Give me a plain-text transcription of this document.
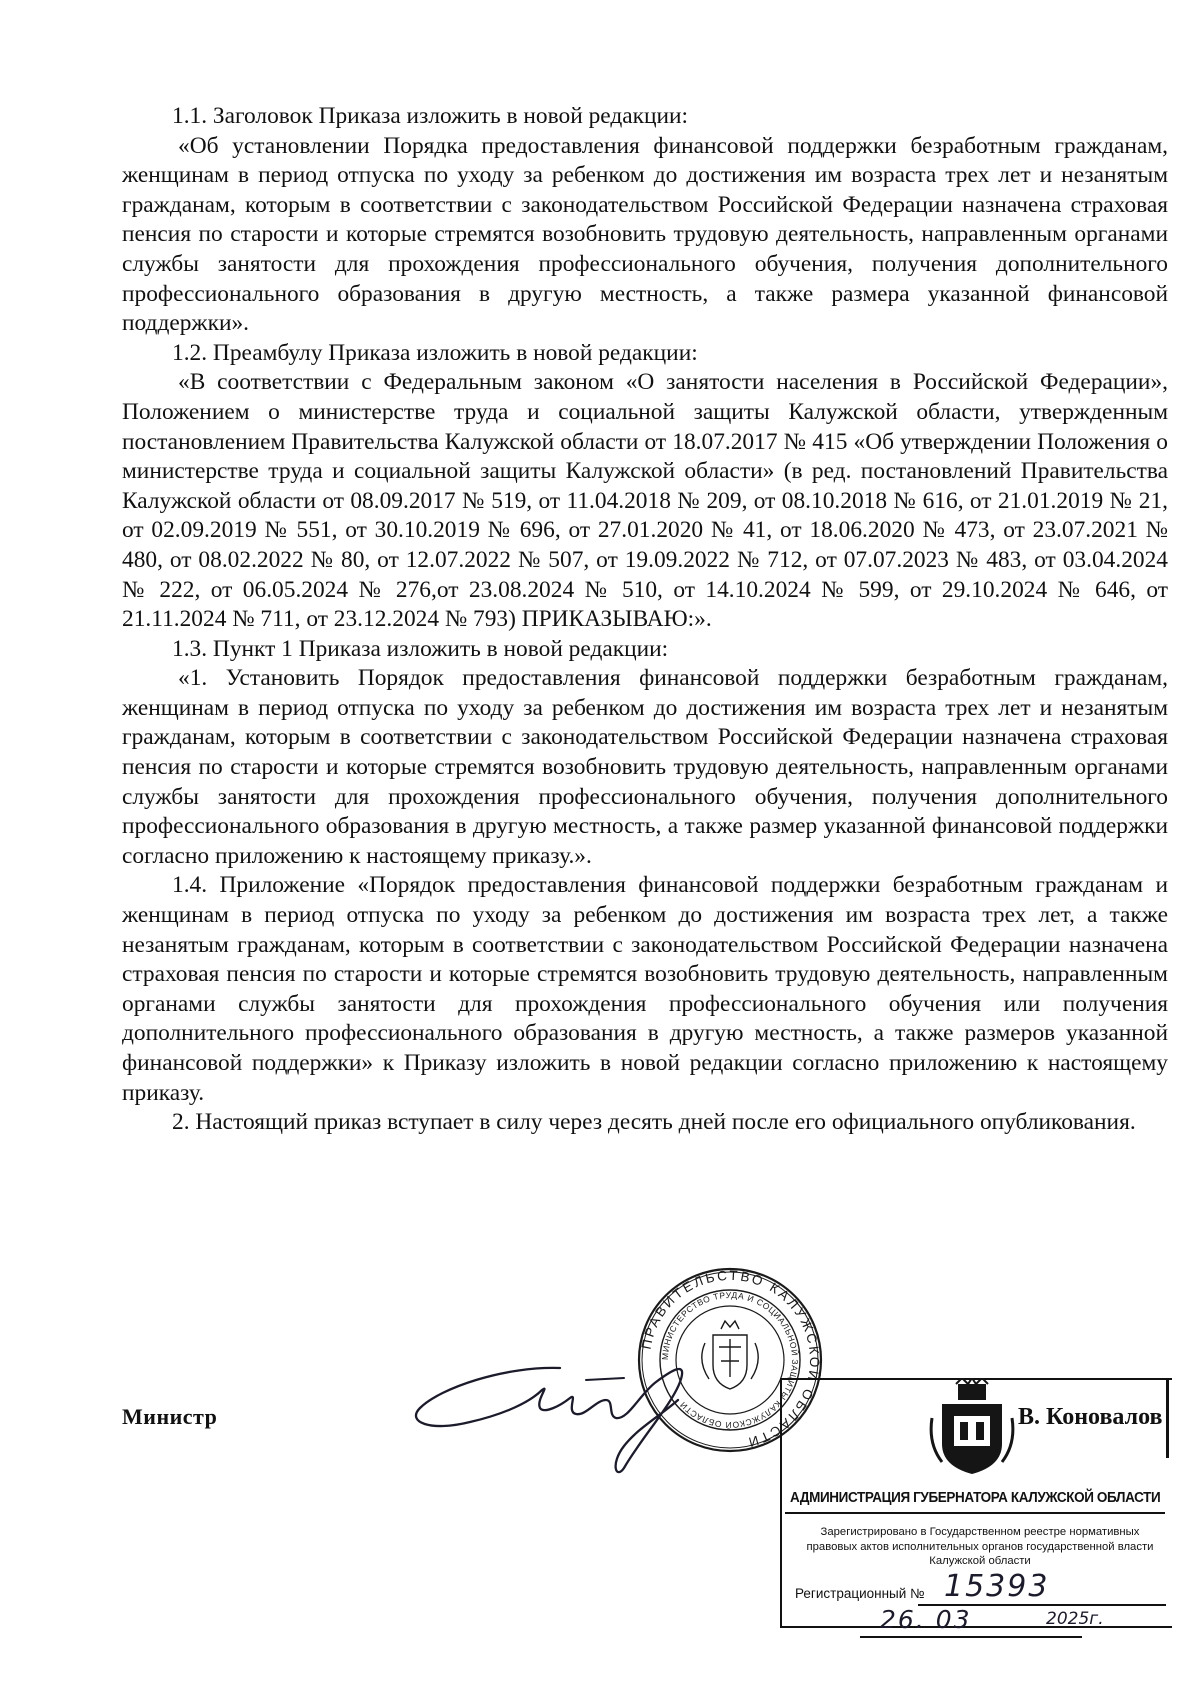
1.1. Заголовок Приказа изложить в новой редакции:

«Об установлении Порядка предоставления финансовой поддержки безработным гражданам, женщинам в период отпуска по уходу за ребенком до достижения им возраста трех лет и незанятым гражданам, которым в соответствии с законодательством Российской Федерации назначена страховая пенсия по старости и которые стремятся возобновить трудовую деятельность, направленным органами службы занятости для прохождения профессионального обучения, получения дополнительного профессионального образования в другую местность, а также размера указанной финансовой поддержки».

1.2. Преамбулу Приказа изложить в новой редакции:

«В соответствии с Федеральным законом «О занятости населения в Российской Федерации», Положением о министерстве труда и социальной защиты Калужской области, утвержденным постановлением Правительства Калужской области от 18.07.2017 № 415 «Об утверждении Положения о министерстве труда и социальной защиты Калужской области» (в ред. постановлений Правительства Калужской области от 08.09.2017 № 519, от 11.04.2018 № 209, от 08.10.2018 № 616, от 21.01.2019 № 21, от 02.09.2019 № 551, от 30.10.2019 № 696, от 27.01.2020 № 41, от 18.06.2020 № 473, от 23.07.2021 № 480, от 08.02.2022 № 80, от 12.07.2022 № 507, от 19.09.2022 № 712, от 07.07.2023 № 483, от 03.04.2024 № 222, от 06.05.2024 № 276,от 23.08.2024 № 510, от 14.10.2024 № 599, от 29.10.2024 № 646, от 21.11.2024 № 711, от 23.12.2024 № 793) ПРИКАЗЫВАЮ:».

1.3. Пункт 1 Приказа изложить в новой редакции:

«1. Установить Порядок предоставления финансовой поддержки безработным гражданам, женщинам в период отпуска по уходу за ребенком до достижения им возраста трех лет и незанятым гражданам, которым в соответствии с законодательством Российской Федерации назначена страховая пенсия по старости и которые стремятся возобновить трудовую деятельность, направленным органами службы занятости для прохождения профессионального обучения, получения дополнительного профессионального образования в другую местность, а также размер указанной финансовой поддержки согласно приложению к настоящему приказу.».

1.4. Приложение «Порядок предоставления финансовой поддержки безработным гражданам и женщинам в период отпуска по уходу за ребенком до достижения им возраста трех лет, а также незанятым гражданам, которым в соответствии с законодательством Российской Федерации назначена страховая пенсия по старости и которые стремятся возобновить трудовую деятельность, направленным органами службы занятости для прохождения профессионального обучения или получения дополнительного профессионального образования в другую местность, а также размеров указанной финансовой поддержки» к Приказу изложить в новой редакции согласно приложению к настоящему приказу.

2. Настоящий приказ вступает в силу через десять дней после его официального опубликования.

Министр
ПРАВИТЕЛЬСТВО КАЛУЖСКОЙ ОБЛАСТИ
МИНИСТЕРСТВО ТРУДА И СОЦИАЛЬНОЙ ЗАЩИТЫ КАЛУЖСКОЙ ОБЛАСТИ	В. Коновалов
АДМИНИСТРАЦИЯ ГУБЕРНАТОРА КАЛУЖСКОЙ ОБЛАСТИ
Зарегистрировано в Государственном реестре нормативных правовых актов исполнительных органов государственной власти Калужской области
Регистрационный № 15393
26. 03	2025г.
